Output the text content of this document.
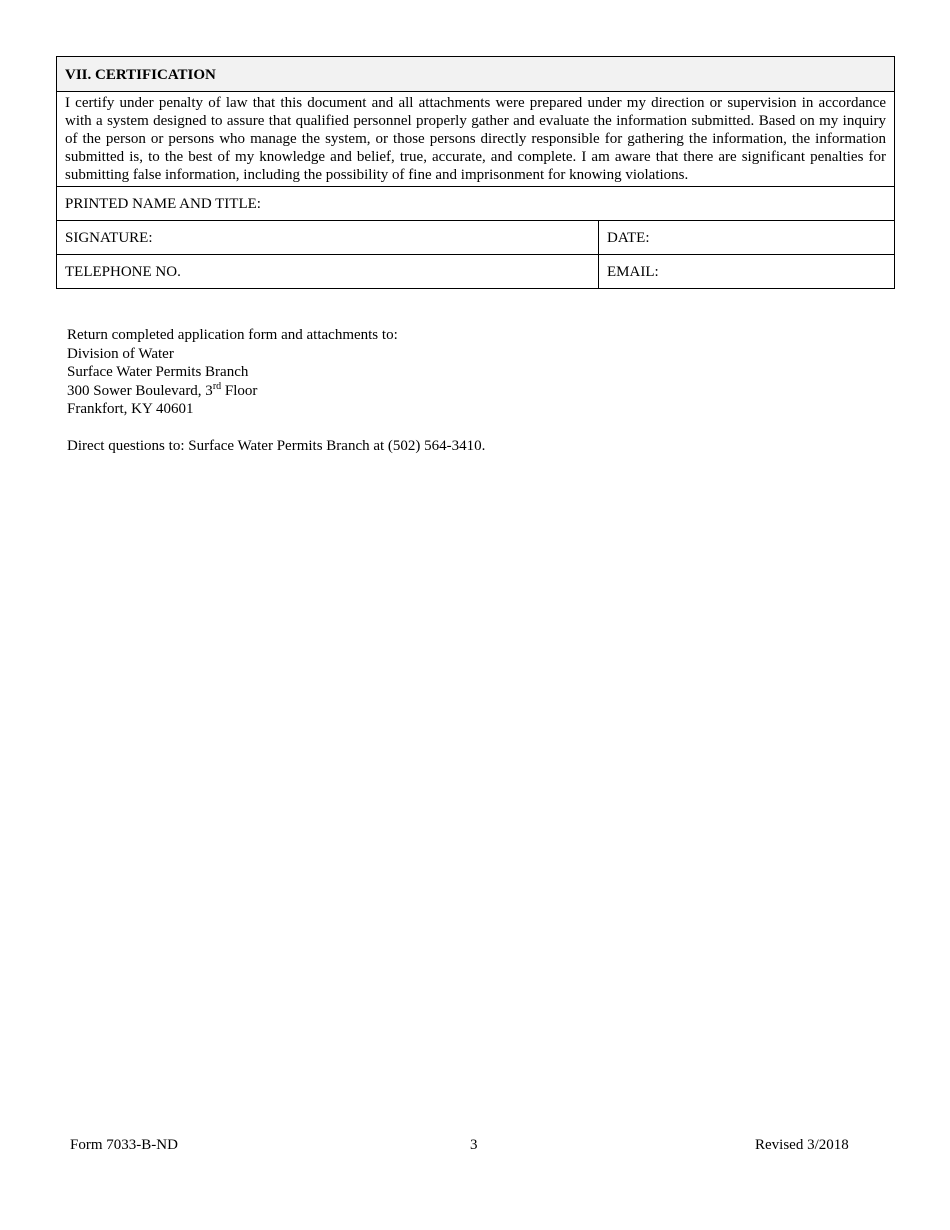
VII. CERTIFICATION	
I certify under penalty of law that this document and all attachments were prepared under my direction or supervision in accordance with a system designed to assure that qualified personnel properly gather and evaluate the information submitted. Based on my inquiry of the person or persons who manage the system, or those persons directly responsible for gathering the information, the information submitted is, to the best of my knowledge and belief, true, accurate, and complete. I am aware that there are significant penalties for submitting false information, including the possibility of fine and imprisonment for knowing violations.	
PRINTED NAME AND TITLE:	
SIGNATURE:	DATE:
TELEPHONE NO.	EMAIL:
Return completed application form and attachments to:
Division of Water
Surface Water Permits Branch
300 Sower Boulevard, 3rd Floor
Frankfort, KY 40601
Direct questions to: Surface Water Permits Branch at (502) 564-3410.
Form 7033-B-ND	3	Revised 3/2018
